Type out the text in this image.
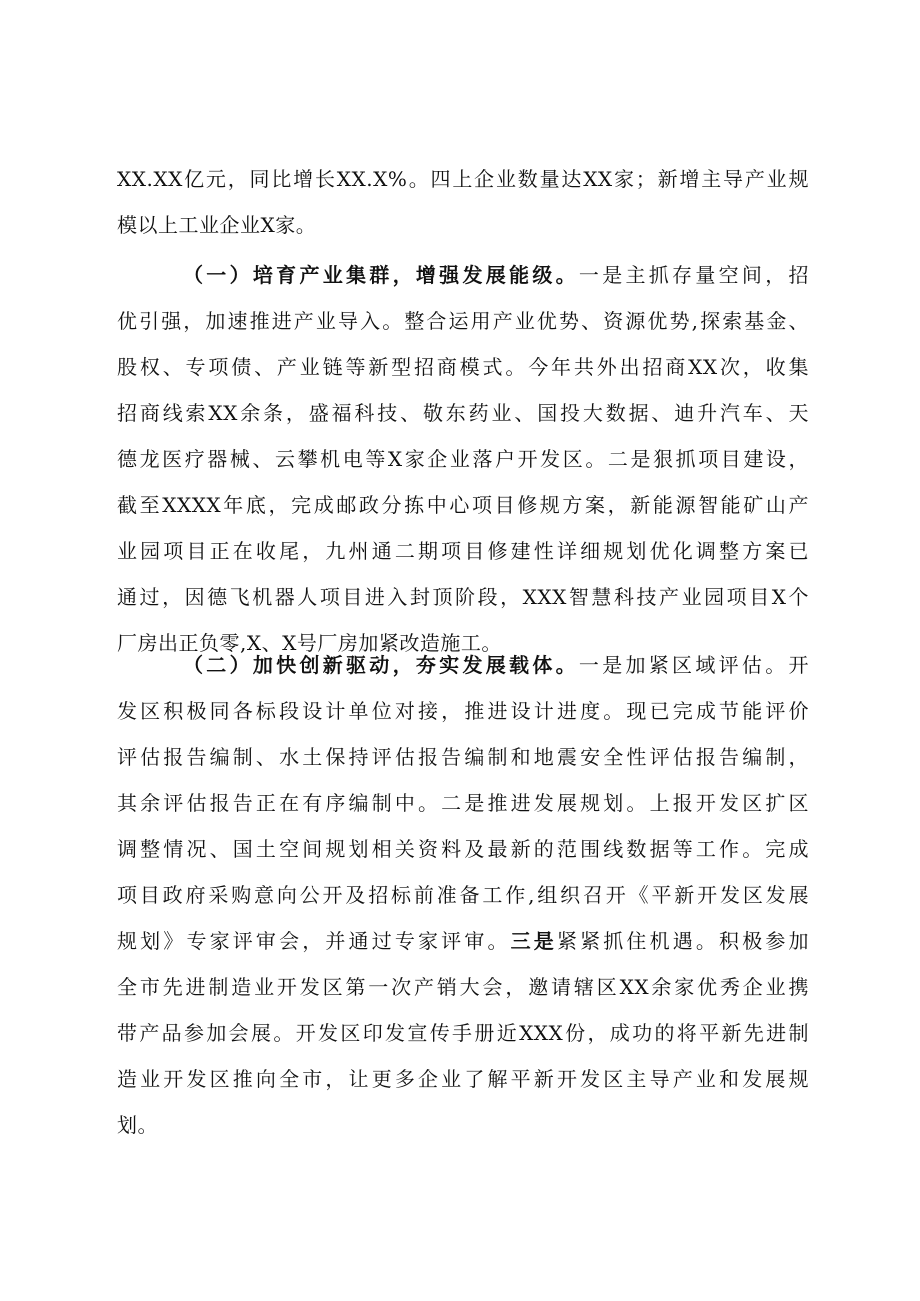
XX.XX亿元，同比增长XX.X%。四上企业数量达XX家；新增主导产业规
模以上工业企业X家。
（一）培育产业集群，增强发展能级。一是主抓存量空间，招
优引强，加速推进产业导入。整合运用产业优势、资源优势,探索基金、
股权、专项债、产业链等新型招商模式。今年共外出招商XX次，收集
招商线索XX余条，盛福科技、敬东药业、国投大数据、迪升汽车、天
德龙医疗器械、云攀机电等X家企业落户开发区。二是狠抓项目建设，
截至XXXX年底，完成邮政分拣中心项目修规方案，新能源智能矿山产
业园项目正在收尾，九州通二期项目修建性详细规划优化调整方案已
通过，因德飞机器人项目进入封顶阶段，XXX智慧科技产业园项目X个
厂房出正负零,X、X号厂房加紧改造施工。
（二）加快创新驱动，夯实发展载体。一是加紧区域评估。开
发区积极同各标段设计单位对接，推进设计进度。现已完成节能评价
评估报告编制、水土保持评估报告编制和地震安全性评估报告编制，
其余评估报告正在有序编制中。二是推进发展规划。上报开发区扩区
调整情况、国土空间规划相关资料及最新的范围线数据等工作。完成
项目政府采购意向公开及招标前准备工作,组织召开《平新开发区发展
规划》专家评审会，并通过专家评审。三是紧紧抓住机遇。积极参加
全市先进制造业开发区第一次产销大会，邀请辖区XX余家优秀企业携
带产品参加会展。开发区印发宣传手册近XXX份，成功的将平新先进制
造业开发区推向全市，让更多企业了解平新开发区主导产业和发展规
划。
